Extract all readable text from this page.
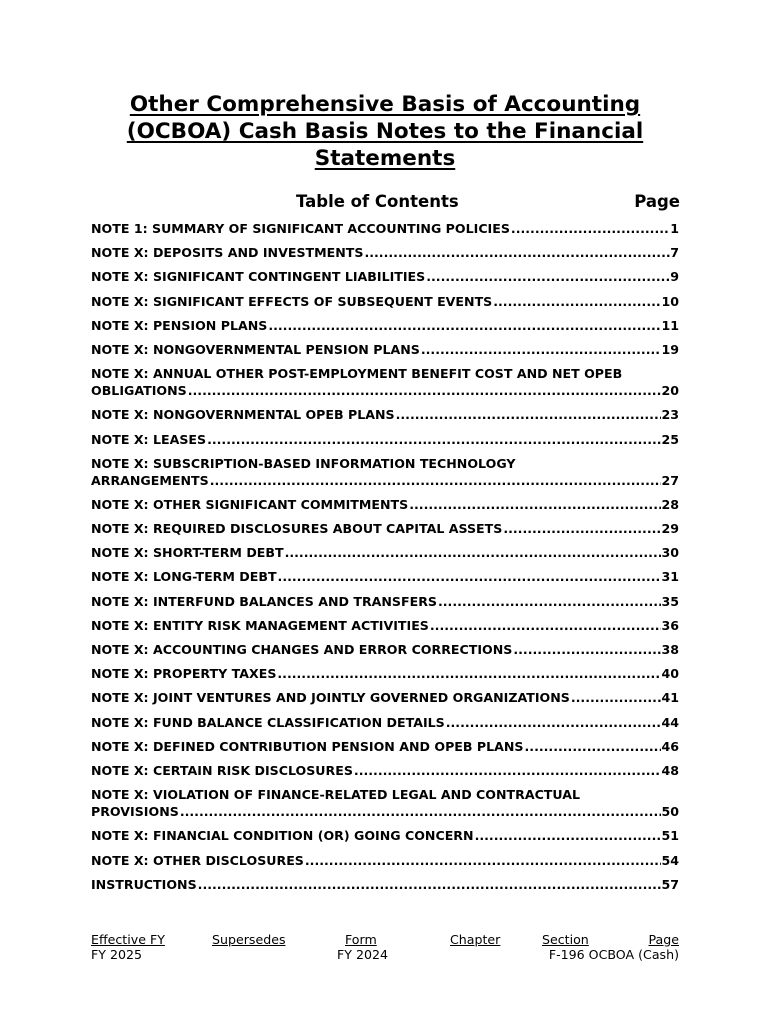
Other Comprehensive Basis of Accounting
(OCBOA) Cash Basis Notes to the Financial
Statements
Table of Contents	Page
NOTE 1: SUMMARY OF SIGNIFICANT ACCOUNTING POLICIES .....	1
NOTE X: DEPOSITS AND INVESTMENTS .....	7
NOTE X: SIGNIFICANT CONTINGENT LIABILITIES .....	9
NOTE X: SIGNIFICANT EFFECTS OF SUBSEQUENT EVENTS .....	10
NOTE X: PENSION PLANS .....	11
NOTE X: NONGOVERNMENTAL PENSION PLANS .....	19
NOTE X: ANNUAL OTHER POST-EMPLOYMENT BENEFIT COST AND NET OPEB
OBLIGATIONS .....	20
NOTE X: NONGOVERNMENTAL OPEB PLANS .....	23
NOTE X: LEASES .....	25
NOTE X: SUBSCRIPTION-BASED INFORMATION TECHNOLOGY
ARRANGEMENTS .....	27
NOTE X: OTHER SIGNIFICANT COMMITMENTS .....	28
NOTE X: REQUIRED DISCLOSURES ABOUT CAPITAL ASSETS .....	29
NOTE X: SHORT-TERM DEBT .....	30
NOTE X: LONG-TERM DEBT .....	31
NOTE X: INTERFUND BALANCES AND TRANSFERS .....	35
NOTE X: ENTITY RISK MANAGEMENT ACTIVITIES .....	36
NOTE X: ACCOUNTING CHANGES AND ERROR CORRECTIONS .....	38
NOTE X: PROPERTY TAXES .....	40
NOTE X: JOINT VENTURES AND JOINTLY GOVERNED ORGANIZATIONS .....	41
NOTE X: FUND BALANCE CLASSIFICATION DETAILS .....	44
NOTE X: DEFINED CONTRIBUTION PENSION AND OPEB PLANS .....	46
NOTE X: CERTAIN RISK DISCLOSURES .....	48
NOTE X: VIOLATION OF FINANCE-RELATED LEGAL AND CONTRACTUAL
PROVISIONS .....	50
NOTE X: FINANCIAL CONDITION (OR) GOING CONCERN .....	51
NOTE X: OTHER DISCLOSURES .....	54
INSTRUCTIONS .....	57
Effective FY
FY 2025
Supersedes	Form
FY 2024
Chapter	Section	Page
F-196 OCBOA (Cash)
